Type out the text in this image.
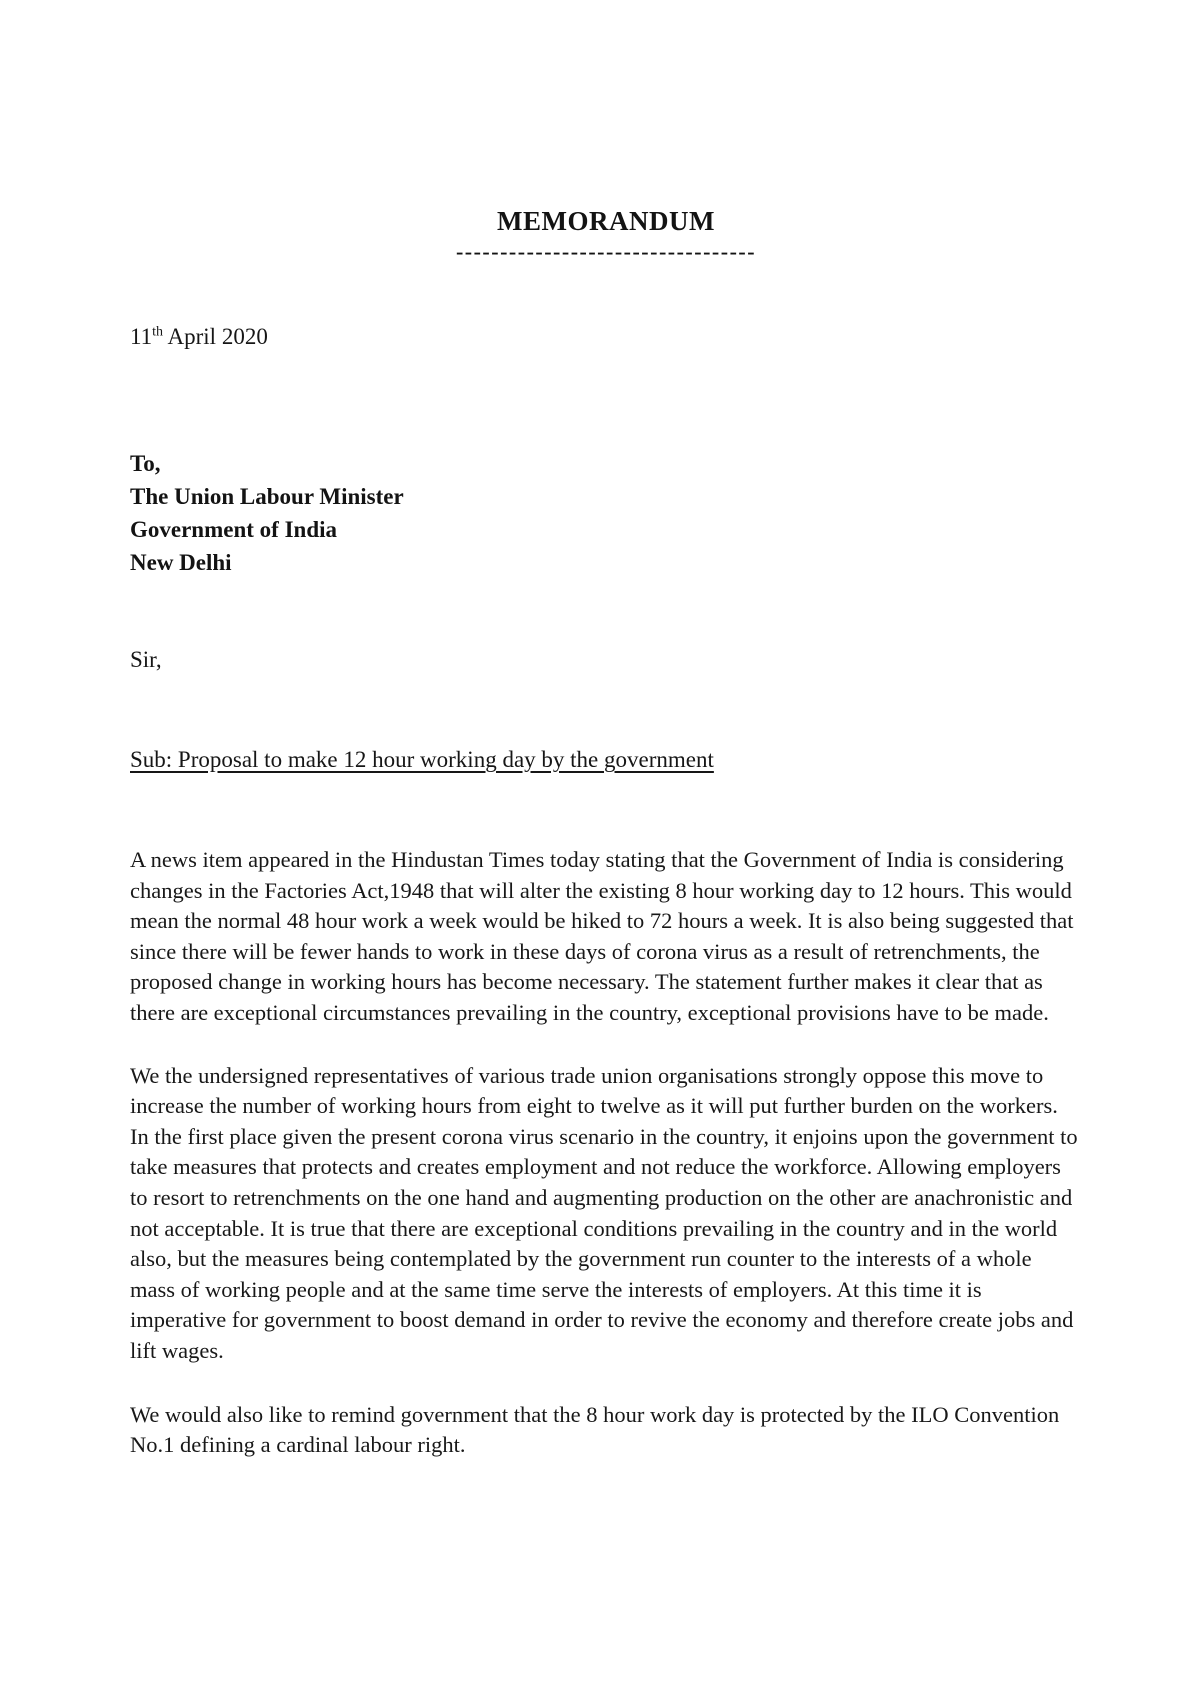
MEMORANDUM
----------------------------------

11th April 2020

To,
The Union Labour Minister
Government of India
New Delhi

Sir,

Sub: Proposal to make 12 hour working day by the government

A news item appeared in the Hindustan Times today stating that the Government of India is considering changes in the Factories Act,1948 that will alter the existing 8 hour working day to 12 hours. This would mean the normal 48 hour work a week would be hiked to 72 hours a week. It is also being suggested that since there will be fewer hands to work in these days of corona virus as a result of retrenchments, the proposed change in working hours has become necessary. The statement further makes it clear that as there are exceptional circumstances prevailing in the country, exceptional provisions have to be made.

We the undersigned representatives of various trade union organisations strongly oppose this move to increase the number of working hours from eight to twelve as it will put further burden on the workers. In the first place given the present corona virus scenario in the country, it enjoins upon the government to take measures that protects and creates employment and not reduce the workforce. Allowing employers to resort to retrenchments on the one hand and augmenting production on the other are anachronistic and not acceptable. It is true that there are exceptional conditions prevailing in the country and in the world also, but the measures being contemplated by the government run counter to the interests of a whole mass of working people and at the same time serve the interests of employers. At this time it is imperative for government to boost demand in order to revive the economy and therefore create jobs and lift wages.

We would also like to remind government that the 8 hour work day is protected by the ILO Convention No.1 defining a cardinal labour right.
